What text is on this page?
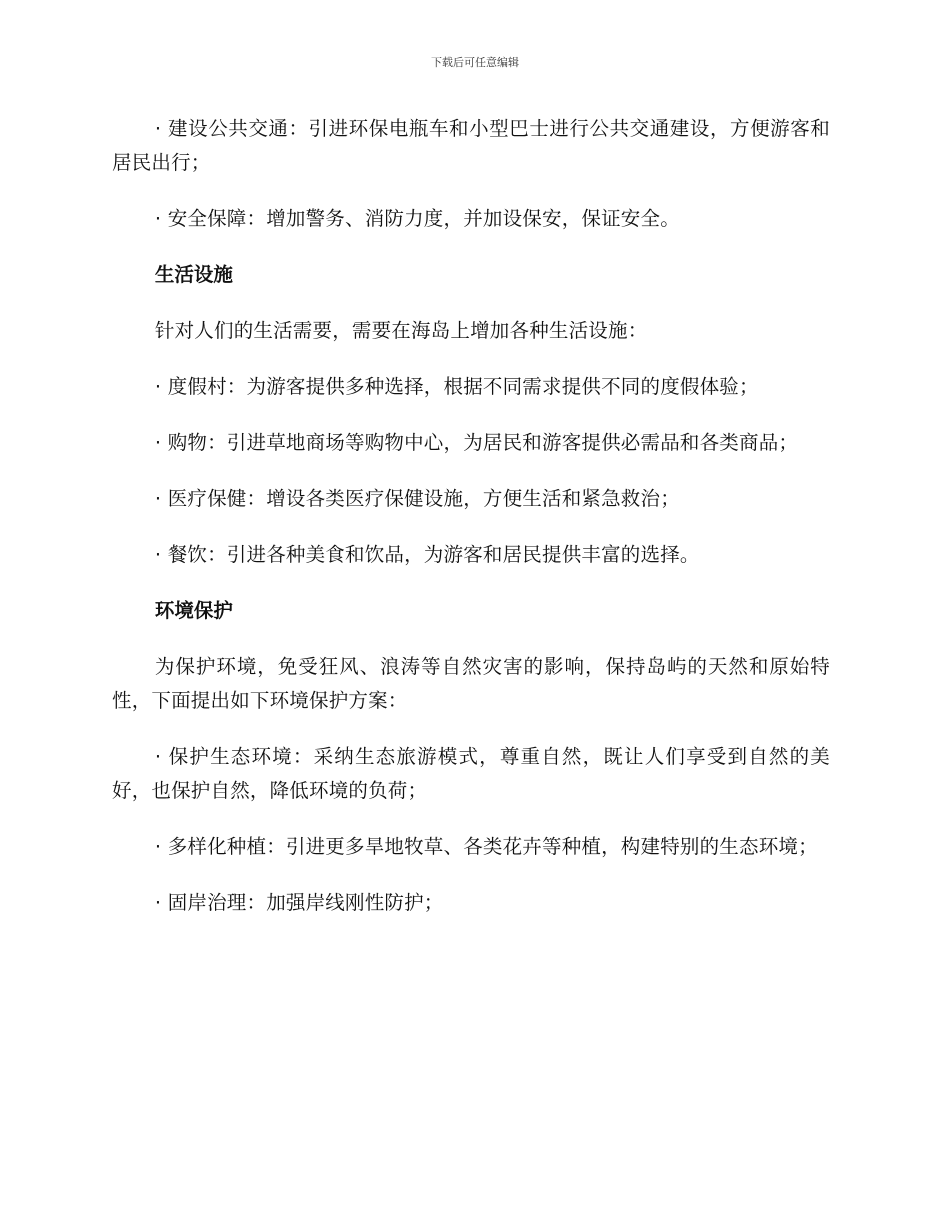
下载后可任意编辑

· 建设公共交通：引进环保电瓶车和小型巴士进行公共交通建设，方便游客和居民出行；

· 安全保障：增加警务、消防力度，并加设保安，保证安全。

生活设施

针对人们的生活需要，需要在海岛上增加各种生活设施：

· 度假村：为游客提供多种选择，根据不同需求提供不同的度假体验；

· 购物：引进草地商场等购物中心，为居民和游客提供必需品和各类商品；

· 医疗保健：增设各类医疗保健设施，方便生活和紧急救治；

· 餐饮：引进各种美食和饮品，为游客和居民提供丰富的选择。

环境保护

为保护环境，免受狂风、浪涛等自然灾害的影响，保持岛屿的天然和原始特性，下面提出如下环境保护方案：

· 保护生态环境：采纳生态旅游模式，尊重自然，既让人们享受到自然的美好，也保护自然，降低环境的负荷；

· 多样化种植：引进更多旱地牧草、各类花卉等种植，构建特别的生态环境；

· 固岸治理：加强岸线刚性防护；
